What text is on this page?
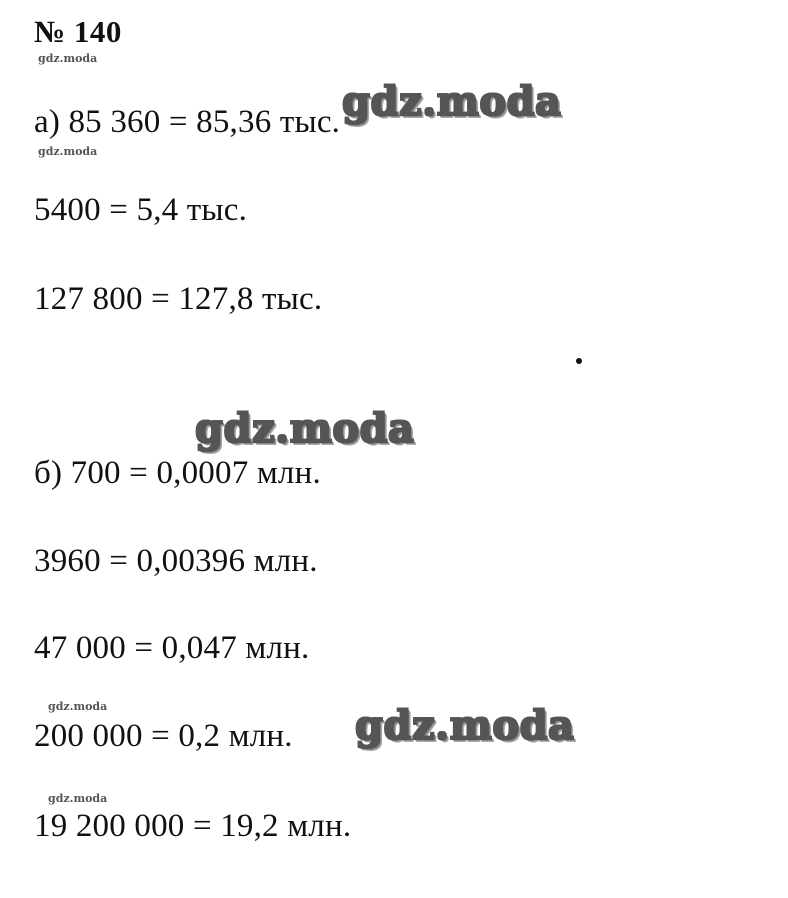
№ 140
gdz.moda
gdz.moda
а) 85 360 = 85,36 тыс.
gdz.moda
5400 = 5,4 тыс.
127 800 = 127,8 тыс.
gdz.moda
б) 700 = 0,0007 млн.
3960 = 0,00396 млн.
47 000 = 0,047 млн.
gdz.moda	gdz.moda
200 000 = 0,2 млн.
gdz.moda
19 200 000 = 19,2 млн.
